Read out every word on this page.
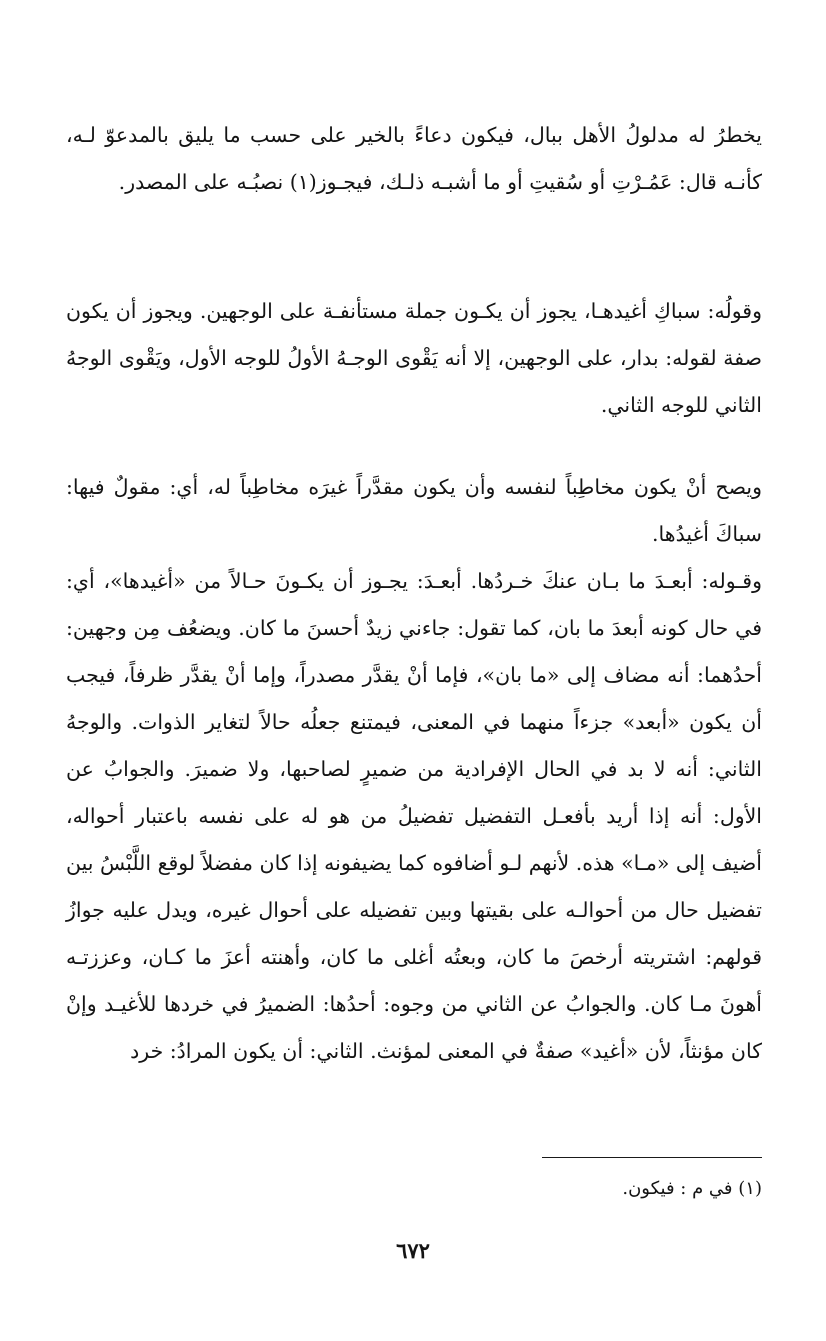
يخطرُ له مدلولُ الأهل ببال، فيكون دعاءً بالخير على حسب ما يليق بالمدعوّ لـه، كأنـه قال: عَمُـرْتِ أو سُقيتِ أو ما أشبـه ذلـك، فيجـوز(١) نصبُـه على المصدر.

وقولُه: سباكِ أغيدهـا، يجوز أن يكـون جملة مستأنفـة على الوجهين. ويجوز أن يكون صفة لقوله: بدار، على الوجهين، إلا أنه يَقْوى الوجـهُ الأولُ للوجه الأول، ويَقْوى الوجهُ الثاني للوجه الثاني.

ويصح أنْ يكون مخاطِباً لنفسه وأن يكون مقدَّراً غيرَه مخاطِباً له، أي: مقولٌ فيها: سباكَ أغيدُها.

وقـوله: أبعـدَ ما بـان عنكَ خـردُها. أبعـدَ: يجـوز أن يكـونَ حـالاً من «أغيدها»، أي: في حال كونه أبعدَ ما بان، كما تقول: جاءني زيدٌ أحسنَ ما كان. ويضعُف مِن وجهين: أحدُهما: أنه مضاف إلى «ما بان»، فإما أنْ يقدَّر مصدراً، وإما أنْ يقدَّر ظرفاً، فيجب أن يكون «أبعد» جزءاً منهما في المعنى، فيمتنع جعلُه حالاً لتغاير الذوات. والوجهُ الثاني: أنه لا بد في الحال الإفرادية من ضميرٍ لصاحبها، ولا ضميرَ. والجوابُ عن الأول: أنه إذا أريد بأفعـل التفضيل تفضيلُ من هو له على نفسه باعتبار أحواله، أضيف إلى «مـا» هذه. لأنهم لـو أضافوه كما يضيفونه إذا كان مفضلاً لوقع اللَّبْسُ بين تفضيل حال من أحوالـه على بقيتها وبين تفضيله على أحوال غيره، ويدل عليه جوازُ قولهم: اشتريته أرخصَ ما كان، وبعتُه أغلى ما كان، وأهنته أعزَ ما كـان، وعززتـه أهونَ مـا كان. والجوابُ عن الثاني من وجوه: أحدُها: الضميرُ في خردها للأغيـد وإنْ كان مؤنثاً، لأن «أغيد» صفةٌ في المعنى لمؤنث. الثاني: أن يكون المرادُ: خرد

(١) في م : فيكون.

٦٧٢
